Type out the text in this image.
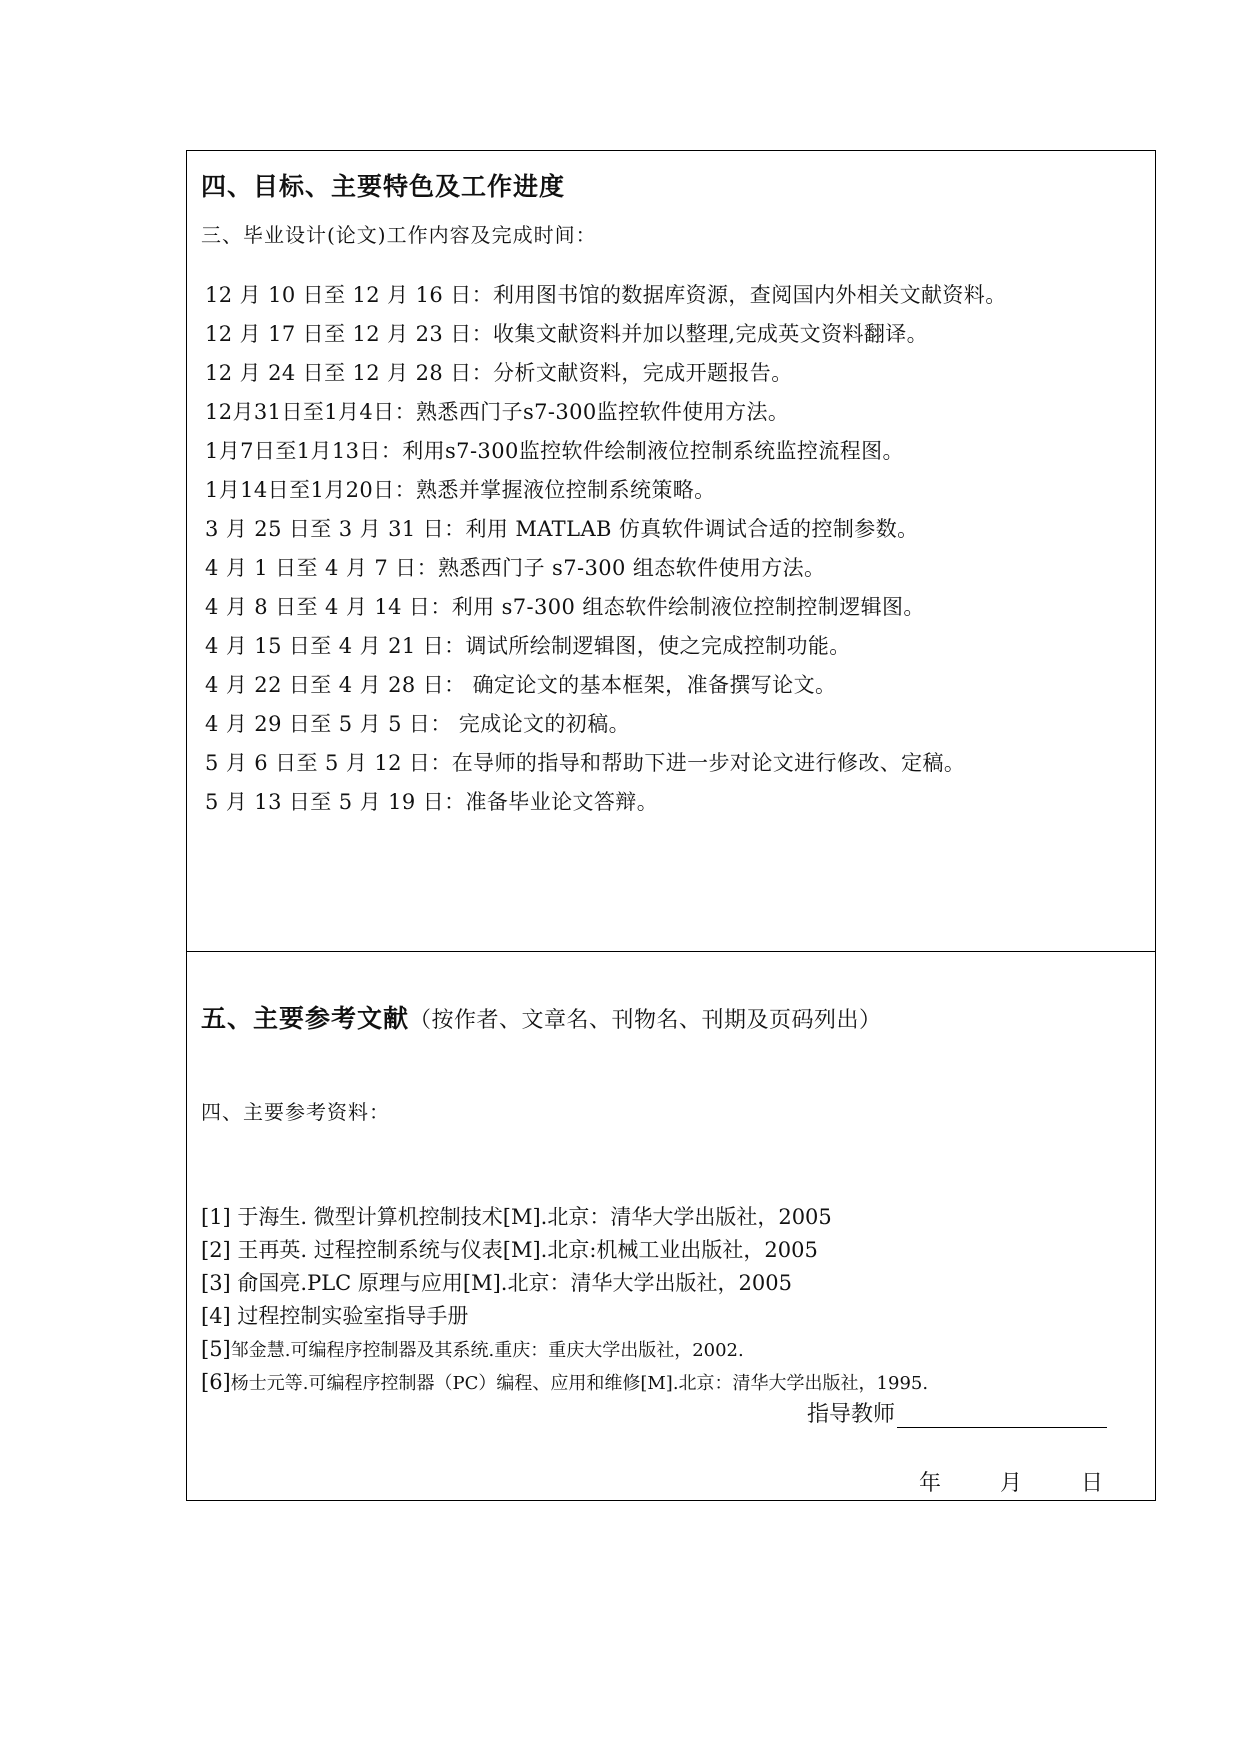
四、目标、主要特色及工作进度
三、毕业设计(论文)工作内容及完成时间：
12 月 10 日至 12 月 16 日：利用图书馆的数据库资源，查阅国内外相关文献资料。
12 月 17 日至 12 月 23 日：收集文献资料并加以整理,完成英文资料翻译。
12 月 24 日至 12 月 28 日：分析文献资料，完成开题报告。
12月31日至1月4日：熟悉西门子s7-300监控软件使用方法。
1月7日至1月13日：利用s7-300监控软件绘制液位控制系统监控流程图。
1月14日至1月20日：熟悉并掌握液位控制系统策略。
3 月 25 日至 3 月 31 日：利用 MATLAB 仿真软件调试合适的控制参数。
4 月 1 日至 4 月 7 日：熟悉西门子 s7-300 组态软件使用方法。
4 月 8 日至 4 月 14 日：利用 s7-300 组态软件绘制液位控制控制逻辑图。
4 月 15 日至 4 月 21 日：调试所绘制逻辑图，使之完成控制功能。
4 月 22 日至 4 月 28 日： 确定论文的基本框架，准备撰写论文。
4 月 29 日至 5 月 5 日： 完成论文的初稿。
5 月 6 日至 5 月 12 日：在导师的指导和帮助下进一步对论文进行修改、定稿。
5 月 13 日至 5 月 19 日：准备毕业论文答辩。
五、主要参考文献（按作者、文章名、刊物名、刊期及页码列出）
四、主要参考资料：
[1] 于海生. 微型计算机控制技术[M].北京：清华大学出版社，2005
[2] 王再英. 过程控制系统与仪表[M].北京:机械工业出版社，2005
[3] 俞国亮.PLC 原理与应用[M].北京：清华大学出版社，2005
[4] 过程控制实验室指导手册
[5]邹金慧.可编程序控制器及其系统.重庆：重庆大学出版社，2002.
[6]杨士元等.可编程序控制器（PC）编程、应用和维修[M].北京：清华大学出版社，1995.
指导教师
年	月	日
